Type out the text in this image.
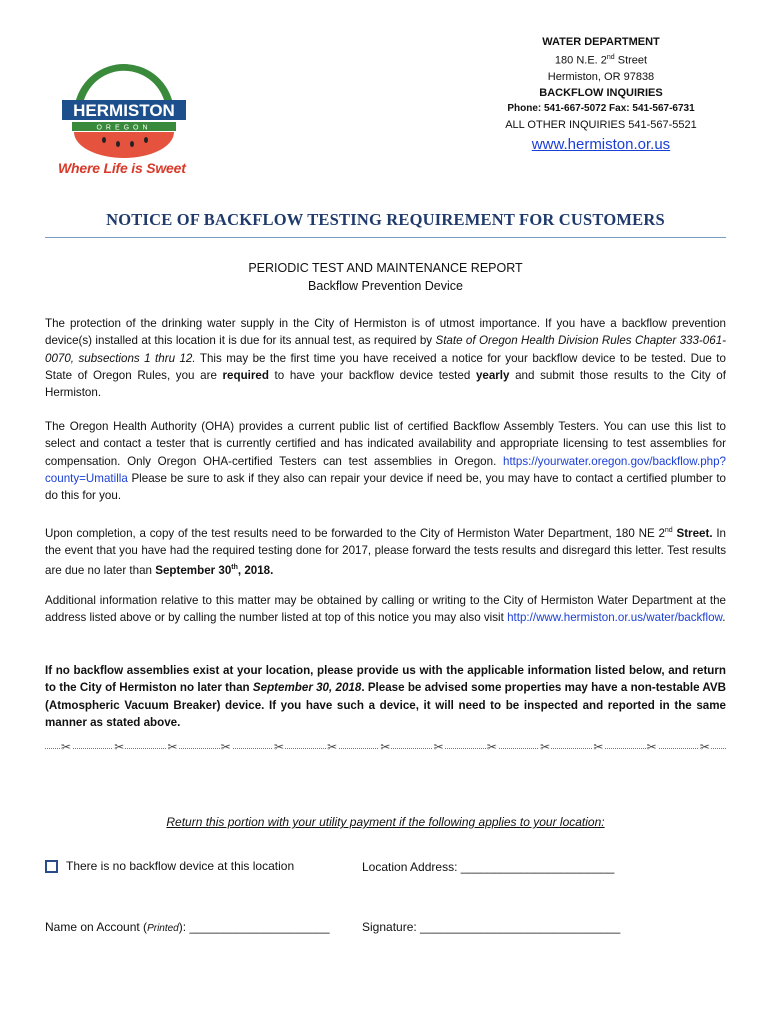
HERMISTON
OREGON
Where Life is Sweet
WATER DEPARTMENT
180 N.E. 2nd Street
Hermiston, OR 97838
BACKFLOW INQUIRIES
Phone: 541-667-5072 Fax: 541-567-6731
ALL OTHER INQUIRIES 541-567-5521
www.hermiston.or.us
NOTICE OF BACKFLOW TESTING REQUIREMENT FOR CUSTOMERS
PERIODIC TEST AND MAINTENANCE REPORT
Backflow Prevention Device
The protection of the drinking water supply in the City of Hermiston is of utmost importance. If you have a backflow prevention device(s) installed at this location it is due for its annual test, as required by State of Oregon Health Division Rules Chapter 333-061-0070, subsections 1 thru 12. This may be the first time you have received a notice for your backflow device to be tested. Due to State of Oregon Rules, you are required to have your backflow device tested yearly and submit those results to the City of Hermiston.
The Oregon Health Authority (OHA) provides a current public list of certified Backflow Assembly Testers. You can use this list to select and contact a tester that is currently certified and has indicated availability and appropriate licensing to test assemblies for compensation. Only Oregon OHA-certified Testers can test assemblies in Oregon. https://yourwater.oregon.gov/backflow.php?county=Umatilla Please be sure to ask if they also can repair your device if need be, you may have to contact a certified plumber to do this for you.
Upon completion, a copy of the test results need to be forwarded to the City of Hermiston Water Department, 180 NE 2nd Street. In the event that you have had the required testing done for 2017, please forward the tests results and disregard this letter. Test results are due no later than September 30th, 2018.
Additional information relative to this matter may be obtained by calling or writing to the City of Hermiston Water Department at the address listed above or by calling the number listed at top of this notice you may also visit http://www.hermiston.or.us/water/backflow.
If no backflow assemblies exist at your location, please provide us with the applicable information listed below, and return to the City of Hermiston no later than September 30, 2018. Please be advised some properties may have a non-testable AVB (Atmospheric Vacuum Breaker) device. If you have such a device, it will need to be inspected and reported in the same manner as stated above.
✂	✂	✂	✂	✂	✂	✂	✂	✂	✂	✂	✂	✂
Return this portion with your utility payment if the following applies to your location:
There is no backflow device at this location	Location Address: _______________________
Name on Account (Printed): _____________________	Signature: ______________________________
